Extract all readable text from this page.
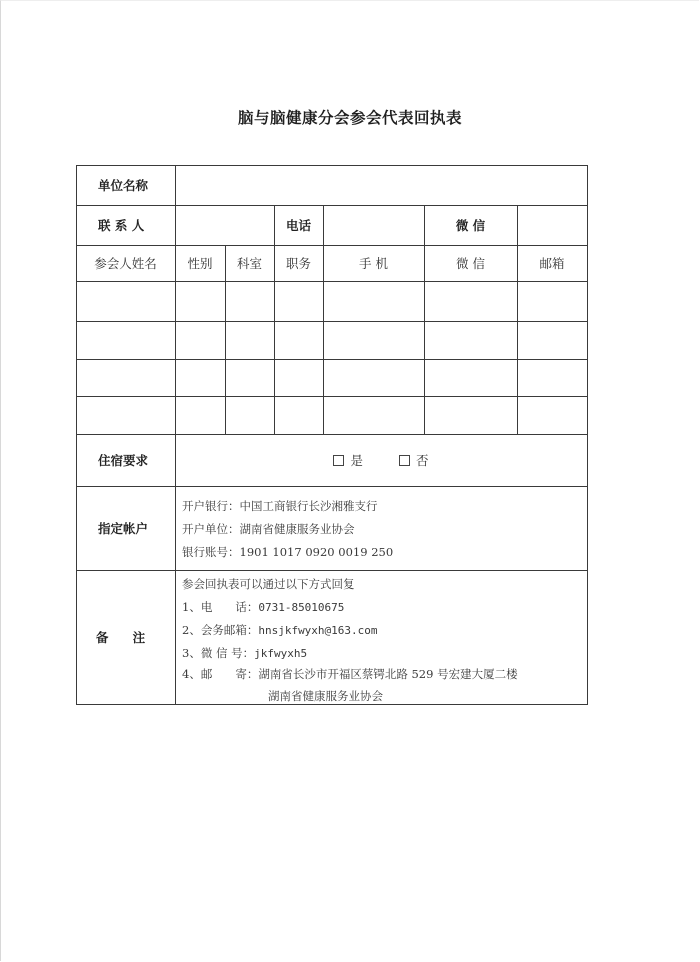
脑与脑健康分会参会代表回执表
单位名称
联 系 人	电话	微 信
参会人姓名	性别	科室	职务	手 机	微 信	邮箱
住宿要求	是	否
指定帐户
开户银行：中国工商银行长沙湘雅支行
开户单位：湖南省健康服务业协会
银行账号：1901 1017 0920 0019 250
备 注
参会回执表可以通过以下方式回复
1、电　　话：0731-85010675
2、会务邮箱：hnsjkfwyxh@163.com
3、微 信 号：jkfwyxh5
4、邮　　寄：湖南省长沙市开福区蔡锷北路 529 号宏建大厦二楼
湖南省健康服务业协会
